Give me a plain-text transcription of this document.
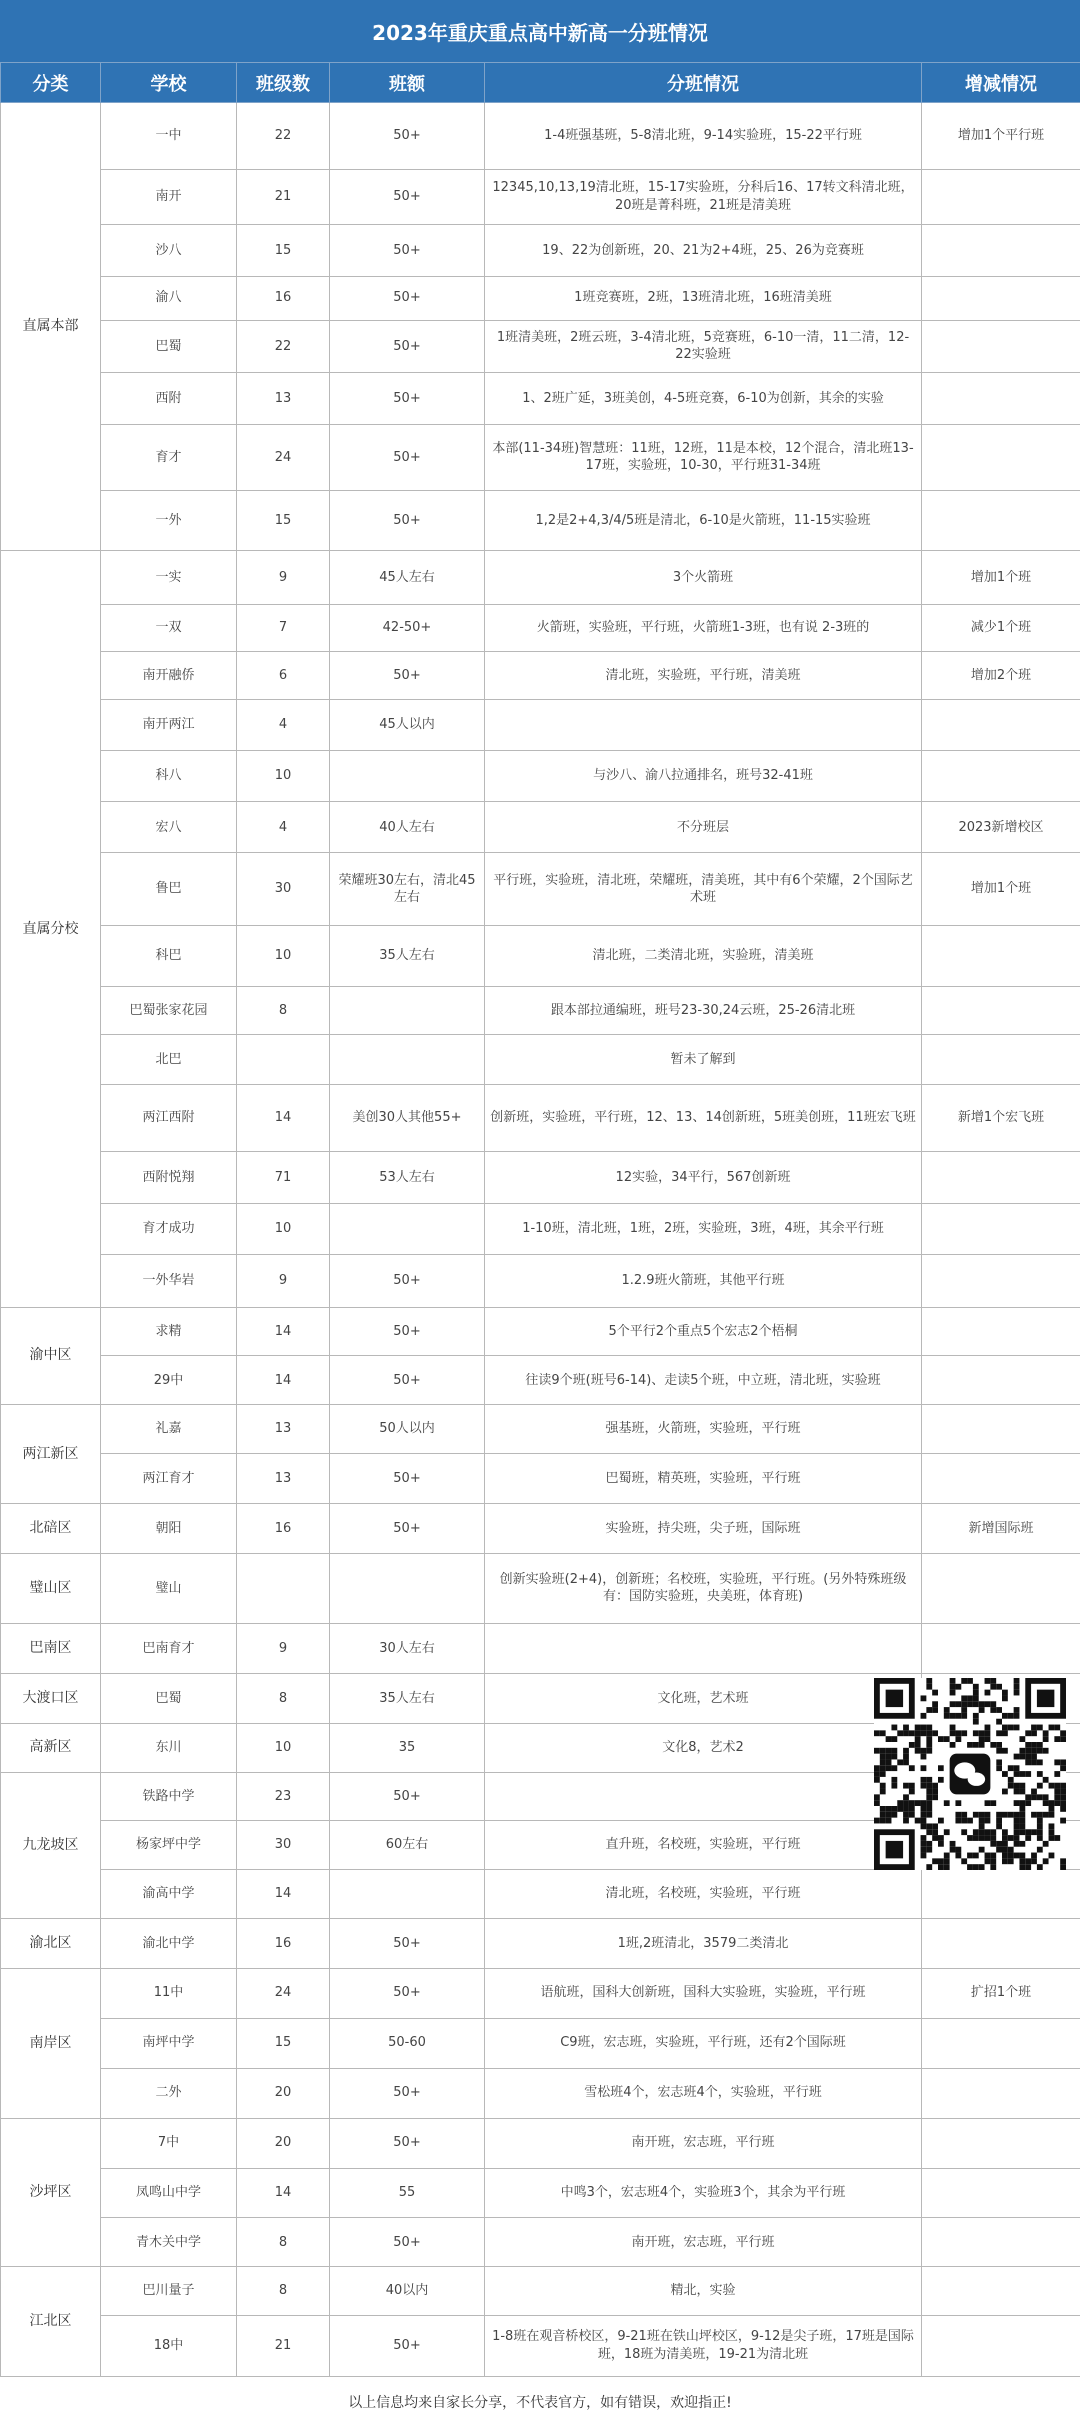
2023年重庆重点高中新高一分班情况
分类	学校	班级数	班额	分班情况	增减情况
直属本部	一中	22	50+	1-4班强基班，5-8清北班，9-14实验班，15-22平行班	增加1个平行班
	南开	21	50+	12345,10,13,19清北班，15-17实验班，分科后16、17转文科清北班，20班是菁科班，21班是清美班	
	沙八	15	50+	19、22为创新班，20、21为2+4班，25、26为竞赛班	
	渝八	16	50+	1班竞赛班，2班，13班清北班，16班清美班	
	巴蜀	22	50+	1班清美班，2班云班，3-4清北班，5竞赛班，6-10一清，11二清，12-22实验班	
	西附	13	50+	1、2班广延，3班美创，4-5班竞赛，6-10为创新，其余的实验	
	育才	24	50+	本部(11-34班)智慧班：11班，12班，11是本校，12个混合，清北班13-17班，实验班，10-30，平行班31-34班	
	一外	15	50+	1,2是2+4,3/4/5班是清北，6-10是火箭班，11-15实验班	
直属分校	一实	9	45人左右	3个火箭班	增加1个班
	一双	7	42-50+	火箭班，实验班，平行班，火箭班1-3班，也有说 2-3班的	减少1个班
	南开融侨	6	50+	清北班，实验班，平行班，清美班	增加2个班
	南开两江	4	45人以内		
	科八	10		与沙八、渝八拉通排名，班号32-41班	
	宏八	4	40人左右	不分班层	2023新增校区
	鲁巴	30	荣耀班30左右，清北45左右	平行班，实验班，清北班，荣耀班，清美班，其中有6个荣耀，2个国际艺术班	增加1个班
	科巴	10	35人左右	清北班，二类清北班，实验班，清美班	
	巴蜀张家花园	8		跟本部拉通编班，班号23-30,24云班，25-26清北班	
	北巴			暂未了解到	
	两江西附	14	美创30人其他55+	创新班，实验班，平行班，12、13、14创新班，5班美创班，11班宏飞班	新增1个宏飞班
	西附悦翔	71	53人左右	12实验，34平行，567创新班	
	育才成功	10		1-10班，清北班，1班，2班，实验班，3班，4班，其余平行班	
	一外华岩	9	50+	1.2.9班火箭班，其他平行班	
渝中区	求精	14	50+	5个平行2个重点5个宏志2个梧桐	
	29中	14	50+	往读9个班(班号6-14)、走读5个班，中立班，清北班，实验班	
两江新区	礼嘉	13	50人以内	强基班，火箭班，实验班，平行班	
	两江育才	13	50+	巴蜀班，精英班，实验班，平行班	
北碚区	朝阳	16	50+	实验班，持尖班，尖子班，国际班	新增国际班
璧山区	璧山			创新实验班(2+4)，创新班；名校班，实验班，平行班。(另外特殊班级有：国防实验班，央美班，体育班)	
巴南区	巴南育才	9	30人左右		
大渡口区	巴蜀	8	35人左右	文化班，艺术班	
高新区	东川	10	35	文化8，艺术2	
九龙坡区	铁路中学	23	50+		
	杨家坪中学	30	60左右	直升班，名校班，实验班，平行班	
	渝高中学	14		清北班，名校班，实验班，平行班	
渝北区	渝北中学	16	50+	1班,2班清北，3579二类清北	
南岸区	11中	24	50+	语航班，国科大创新班，国科大实验班，实验班，平行班	扩招1个班
	南坪中学	15	50-60	C9班，宏志班，实验班，平行班，还有2个国际班	
	二外	20	50+	雪松班4个，宏志班4个，实验班，平行班	
沙坪区	7中	20	50+	南开班，宏志班，平行班	
	凤鸣山中学	14	55	中鸣3个，宏志班4个，实验班3个，其余为平行班	
	青木关中学	8	50+	南开班，宏志班，平行班	
江北区	巴川量子	8	40以内	精北，实验	
	18中	21	50+	1-8班在观音桥校区，9-21班在铁山坪校区，9-12是尖子班，17班是国际班，18班为清美班，19-21为清北班	
以上信息均来自家长分享，不代表官方，如有错误，欢迎指正!
